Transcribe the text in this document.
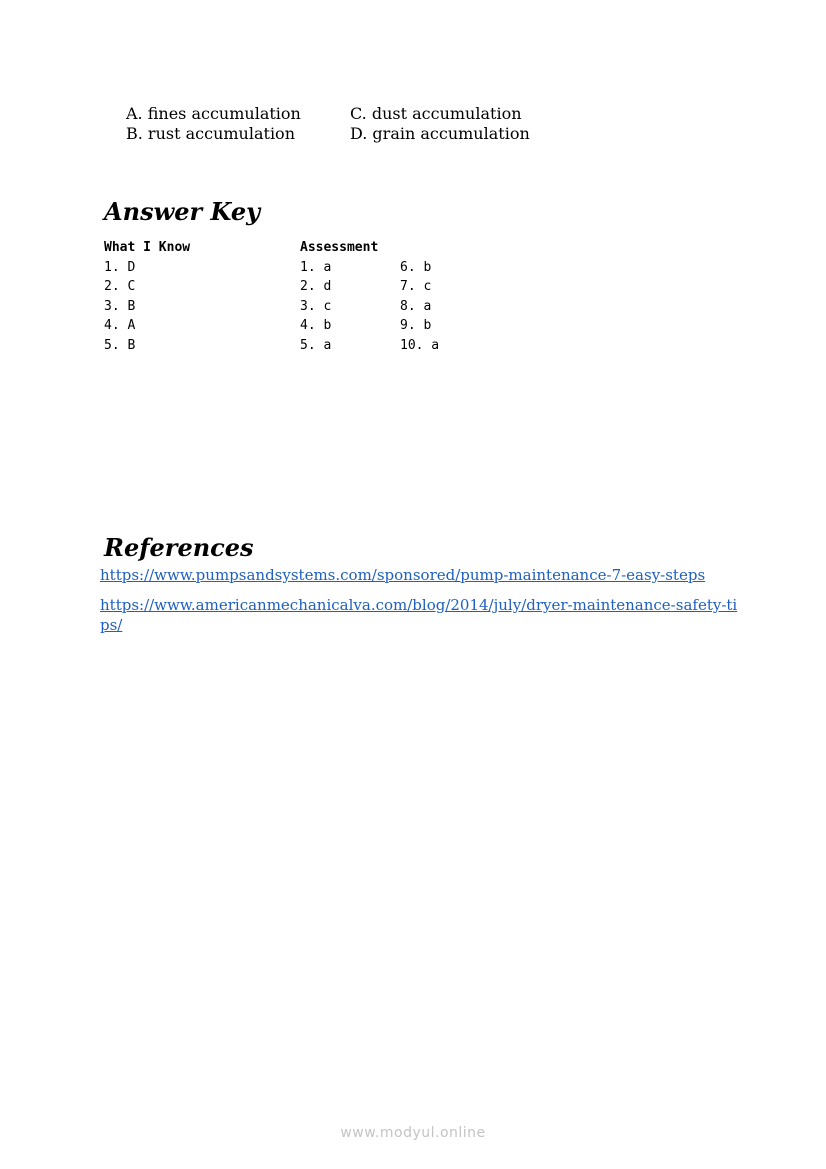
A. fines accumulation	C. dust accumulation
B. rust accumulation	D. grain accumulation
Answer Key
What I Know	Assessment
1. D	1. a	6. b
2. C	2. d	7. c
3. B	3. c	8. a
4. A	4. b	9. b
5. B	5. a	10. a
References
https://www.pumpsandsystems.com/sponsored/pump-maintenance-7-easy-steps
https://www.americanmechanicalva.com/blog/2014/july/dryer-maintenance-safety-tips/
www.modyul.online
